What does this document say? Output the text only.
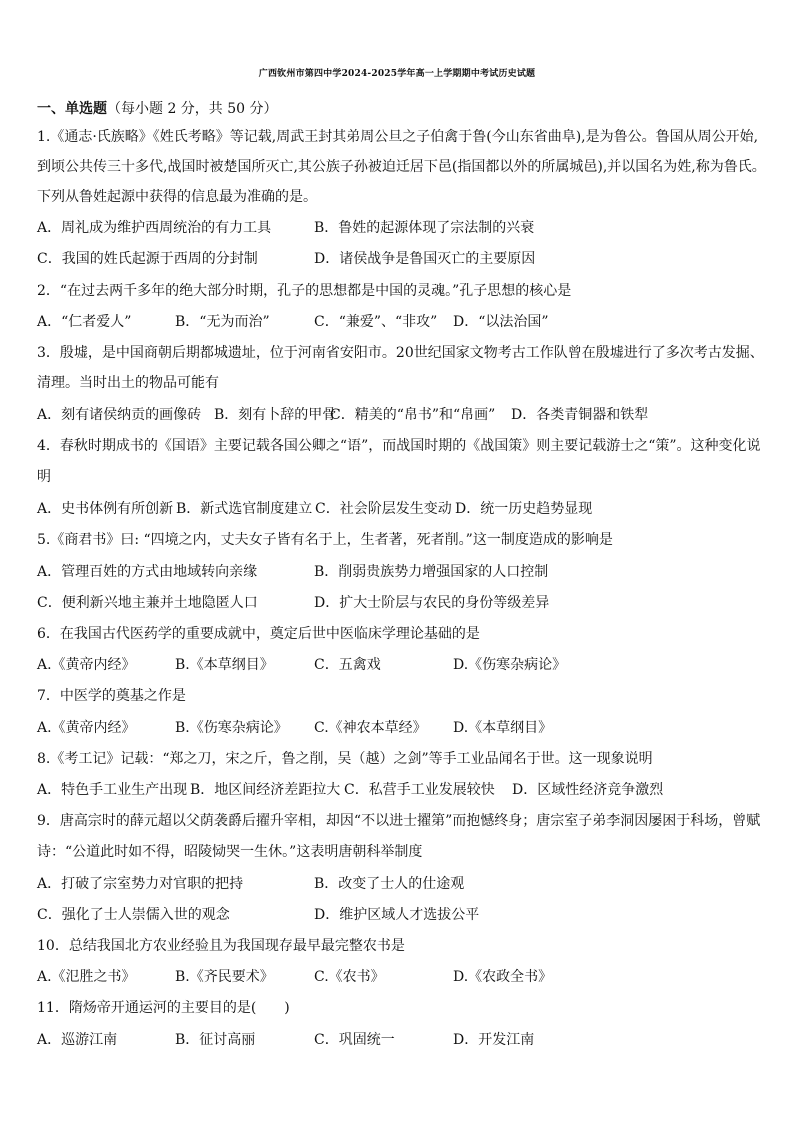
广西钦州市第四中学2024-2025学年高一上学期期中考试历史试题
一、单选题（每小题 2 分，共 50 分）
1.《通志·氏族略》《姓氏考略》等记载,周武王封其弟周公旦之子伯禽于鲁(今山东省曲阜),是为鲁公。鲁国从周公开始,
到顷公共传三十多代,战国时被楚国所灭亡,其公族子孙被迫迁居下邑(指国都以外的所属城邑),并以国名为姓,称为鲁氏。
下列从鲁姓起源中获得的信息最为准确的是。
A．周礼成为维护西周统治的有力工具	B．鲁姓的起源体现了宗法制的兴衰
C．我国的姓氏起源于西周的分封制	D．诸侯战争是鲁国灭亡的主要原因
2．“在过去两千多年的绝大部分时期，孔子的思想都是中国的灵魂。”孔子思想的核心是
A．“仁者爱人”	B．“无为而治”	C．“兼爱”、“非攻” D．“以法治国”
3．殷墟，是中国商朝后期都城遗址，位于河南省安阳市。20世纪国家文物考古工作队曾在殷墟进行了多次考古发掘、
清理。当时出土的物品可能有
A．刻有诸侯纳贡的画像砖 B．刻有卜辞的甲骨
C．精美的“帛书”和“帛画” D．各类青铜器和铁犁
4．春秋时期成书的《国语》主要记载各国公卿之“语”，而战国时期的《战国策》则主要记载游士之“策”。这种变化说
明
A．史书体例有所创新 B．新式选官制度建立 C．社会阶层发生变动 D．统一历史趋势显现
5.《商君书》曰: “四境之内，丈夫女子皆有名于上，生者著，死者削。”这一制度造成的影响是
A．管理百姓的方式由地域转向亲缘	B．削弱贵族势力增强国家的人口控制
C．便利新兴地主兼并土地隐匿人口	D．扩大士阶层与农民的身份等级差异
6．在我国古代医药学的重要成就中，奠定后世中医临床学理论基础的是
A.《黄帝内经》	B.《本草纲目》	C．五禽戏	D.《伤寒杂病论》
7．中医学的奠基之作是
A.《黄帝内经》	B.《伤寒杂病论》 C.《神农本草经》 D.《本草纲目》
8.《考工记》记载：“郑之刀，宋之斤，鲁之削，吴（越）之剑”等手工业品闻名于世。这一现象说明
A．特色手工业生产出现 B．地区间经济差距拉大 C．私营手工业发展较快 D．区域性经济竞争激烈
9．唐高宗时的薛元超以父荫袭爵后擢升宰相，却因“不以进士擢第”而抱憾终身；唐宗室子弟李洞因屡困于科场，曾赋
诗：“公道此时如不得，昭陵恸哭一生休。”这表明唐朝科举制度
A．打破了宗室势力对官职的把持	B．改变了士人的仕途观
C．强化了士人崇儒入世的观念	D．维护区域人才选拔公平
10．总结我国北方农业经验且为我国现存最早最完整农书是
A.《氾胜之书》	B.《齐民要术》	C.《农书》	D.《农政全书》
11．隋炀帝开通运河的主要目的是(　　)
A．巡游江南	B．征讨高丽	C．巩固统一	D．开发江南
